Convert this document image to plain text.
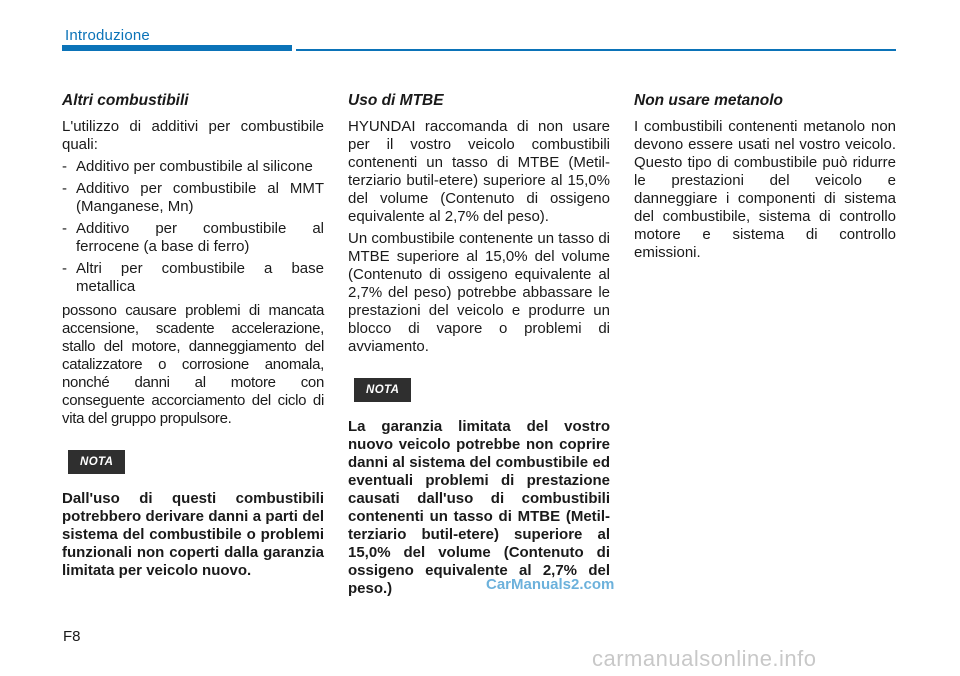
Introduzione
Altri combustibili

L'utilizzo di additivi per combustibile quali:

- Additivo per combustibile al silicone
- Additivo per combustibile al MMT (Manganese, Mn)
- Additivo per combustibile al ferrocene (a base di ferro)
- Altri per combustibile a base metallica

possono causare problemi di mancata accensione, scadente accelerazione, stallo del motore, danneggiamento del catalizzatore o corrosione anomala, nonché danni al motore con conseguente accorciamento del ciclo di vita del gruppo propulsore.

NOTA

Dall'uso di questi combustibili potrebbero derivare danni a parti del sistema del combustibile o problemi funzionali non coperti dalla garanzia limitata per veicolo nuovo.

Uso di MTBE

HYUNDAI raccomanda di non usare per il vostro veicolo combustibili contenenti un tasso di MTBE (Metil-terziario butil-etere) superiore al 15,0% del volume (Contenuto di ossigeno equivalente al 2,7% del peso).

Un combustibile contenente un tasso di MTBE superiore al 15,0% del volume (Contenuto di ossigeno equivalente al 2,7% del peso) potrebbe abbassare le prestazioni del veicolo e produrre un blocco di vapore o problemi di avviamento.

NOTA

La garanzia limitata del vostro nuovo veicolo potrebbe non coprire danni al sistema del combustibile ed eventuali problemi di prestazione causati dall'uso di combustibili contenenti un tasso di MTBE (Metil-terziario butil-etere) superiore al 15,0% del volume (Contenuto di ossigeno equivalente al 2,7% del peso.)

Non usare metanolo

I combustibili contenenti metanolo non devono essere usati nel vostro veicolo. Questo tipo di combustibile può ridurre le prestazioni del veicolo e danneggiare i componenti di sistema del combustibile, sistema di controllo motore e sistema di controllo emissioni.

F8
CarManuals2.com
carmanualsonline.info
